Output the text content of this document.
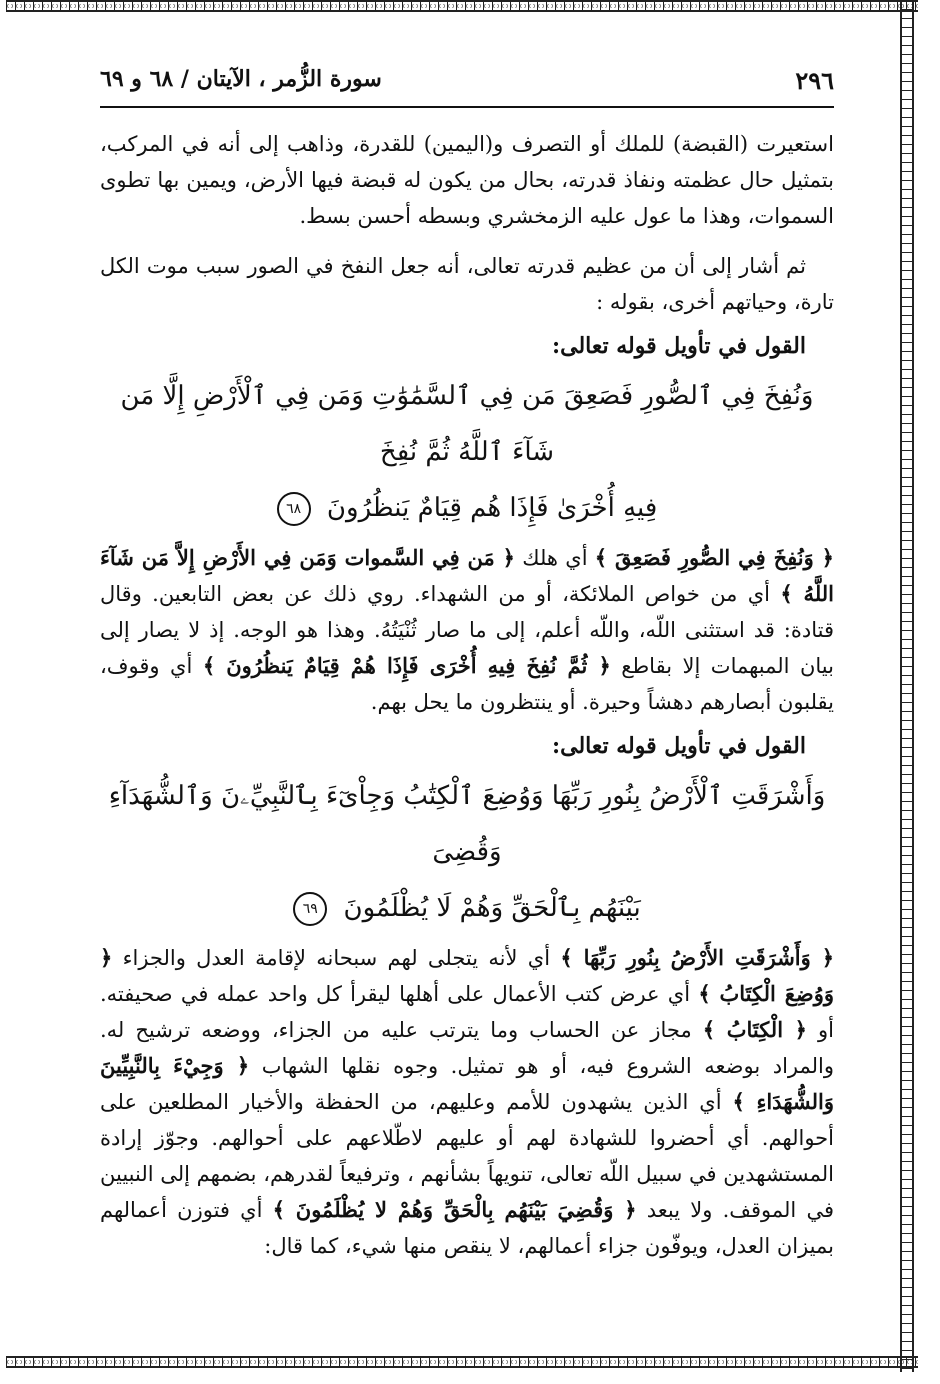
٢٩٦
سورة الزُّمر ، الآيتان / ٦٨ و ٦٩

استعيرت (القبضة) للملك أو التصرف و(اليمين) للقدرة، وذاهب إلى أنه في المركب، بتمثيل حال عظمته ونفاذ قدرته، بحال من يكون له قبضة فيها الأرض، ويمين بها تطوى السموات، وهذا ما عول عليه الزمخشري وبسطه أحسن بسط.

ثم أشار إلى أن من عظيم قدرته تعالى، أنه جعل النفخ في الصور سبب موت الكل تارة، وحياتهم أخرى، بقوله :

القول في تأويل قوله تعالى:
وَنُفِخَ فِي ٱلصُّورِ فَصَعِقَ مَن فِي ٱلسَّمَٰوَٰتِ وَمَن فِي ٱلْأَرْضِ إِلَّا مَن شَآءَ ٱللَّهُ ثُمَّ نُفِخَ
فِيهِ أُخْرَىٰ فَإِذَا هُم قِيَامٌ يَنظُرُونَ ٦٨

﴿ وَنُفِخَ فِي الصُّورِ فَصَعِقَ ﴾ أي هلك ﴿ مَن فِي السَّموات وَمَن فِي الأَرْضِ إِلاَّ مَن شَآءَ اللَّهُ ﴾ أي من خواص الملائكة، أو من الشهداء. روي ذلك عن بعض التابعين. وقال قتادة: قد استثنى اللّه، واللّه أعلم، إلى ما صار ثُنْيَتُهُ. وهذا هو الوجه. إذ لا يصار إلى بيان المبهمات إلا بقاطع ﴿ ثُمَّ نُفِخَ فِيهِ أُخْرَى فَإِذَا هُمْ قِيَامٌ يَنظُرُونَ ﴾ أي وقوف، يقلبون أبصارهم دهشاً وحيرة. أو ينتظرون ما يحل بهم.

القول في تأويل قوله تعالى:
وَأَشْرَقَتِ ٱلْأَرْضُ بِنُورِ رَبِّهَا وَوُضِعَ ٱلْكِتَٰبُ وَجِاْىٓءَ بِٱلنَّبِيِّۦنَ وَٱلشُّهَدَآءِ وَقُضِىَ
بَيْنَهُم بِٱلْحَقِّ وَهُمْ لَا يُظْلَمُونَ ٦٩

﴿ وَأَشْرَقَتِ الأَرْضُ بِنُورِ رَبِّهَا ﴾ أي لأنه يتجلى لهم سبحانه لإقامة العدل والجزاء ﴿ وَوُضِعَ الْكِتَابُ ﴾ أي عرض كتب الأعمال على أهلها ليقرأ كل واحد عمله في صحيفته. أو ﴿ الْكِتَابُ ﴾ مجاز عن الحساب وما يترتب عليه من الجزاء، ووضعه ترشيح له. والمراد بوضعه الشروع فيه، أو هو تمثيل. وجوه نقلها الشهاب ﴿ وَجِيْءَ بِالنَّبِيِّينَ وَالشُّهَدَاءِ ﴾ أي الذين يشهدون للأمم وعليهم، من الحفظة والأخيار المطلعين على أحوالهم. أي أحضروا للشهادة لهم أو عليهم لاطّلاعهم على أحوالهم. وجوّز إرادة المستشهدين في سبيل اللّه تعالى، تنويهاً بشأنهم ، وترفيعاً لقدرهم، بضمهم إلى النبيين في الموقف. ولا يبعد ﴿ وَقُضِيَ بَيْنَهُم بِالْحَقِّ وَهُمْ لا يُظْلَمُونَ ﴾ أي فتوزن أعمالهم بميزان العدل، ويوفّون جزاء أعمالهم، لا ينقص منها شيء، كما قال:
